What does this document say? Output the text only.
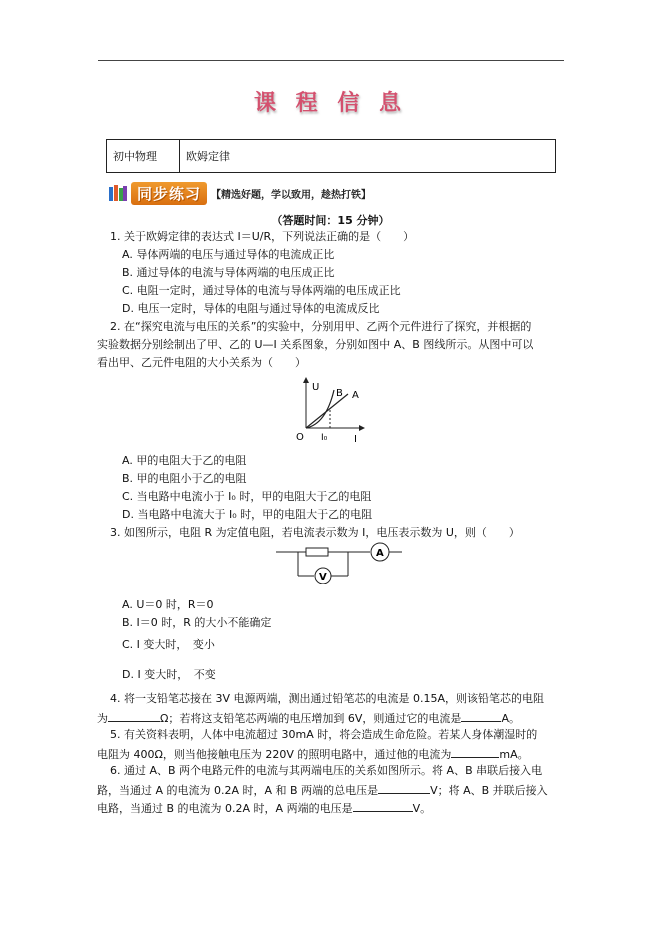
课 程 信 息
初中物理	欧姆定律
同步练习	【精选好题，学以致用，趁热打铁】
（答题时间：15 分钟）
1. 关于欧姆定律的表达式 I＝U/R，下列说法正确的是（　　）
A. 导体两端的电压与通过导体的电流成正比
B. 通过导体的电流与导体两端的电压成正比
C. 电阻一定时，通过导体的电流与导体两端的电压成正比
D. 电压一定时，导体的电阻与通过导体的电流成反比
2. 在“探究电流与电压的关系”的实验中，分别用甲、乙两个元件进行了探究，并根据的
实验数据分别绘制出了甲、乙的 U—I 关系图象，分别如图中 A、B 图线所示。从图中可以
看出甲、乙元件电阻的大小关系为（　　）
U
B A
O I₀	I
A. 甲的电阻大于乙的电阻
B. 甲的电阻小于乙的电阻
C. 当电路中电流小于 I₀ 时，甲的电阻大于乙的电阻
D. 当电路中电流大于 I₀ 时，甲的电阻大于乙的电阻
3. 如图所示，电阻 R 为定值电阻，若电流表示数为 I，电压表示数为 U，则（　　）
A
V
A. U＝0 时，R＝0
B. I＝0 时，R 的大小不能确定
C. I 变大时，　变小
D. I 变大时，　不变
4. 将一支铅笔芯接在 3V 电源两端，测出通过铅笔芯的电流是 0.15A，则该铅笔芯的电阻
为	Ω；若将这支铅笔芯两端的电压增加到 6V，则通过它的电流是	A。
5. 有关资料表明，人体中电流超过 30mA 时，将会造成生命危险。若某人身体潮湿时的
电阻为 400Ω，则当他接触电压为 220V 的照明电路中，通过他的电流为	mA。
6. 通过 A、B 两个电路元件的电流与其两端电压的关系如图所示。将 A、B 串联后接入电
路，当通过 A 的电流为 0.2A 时，A 和 B 两端的总电压是	V；将 A、B 并联后接入
电路，当通过 B 的电流为 0.2A 时，A 两端的电压是	V。
